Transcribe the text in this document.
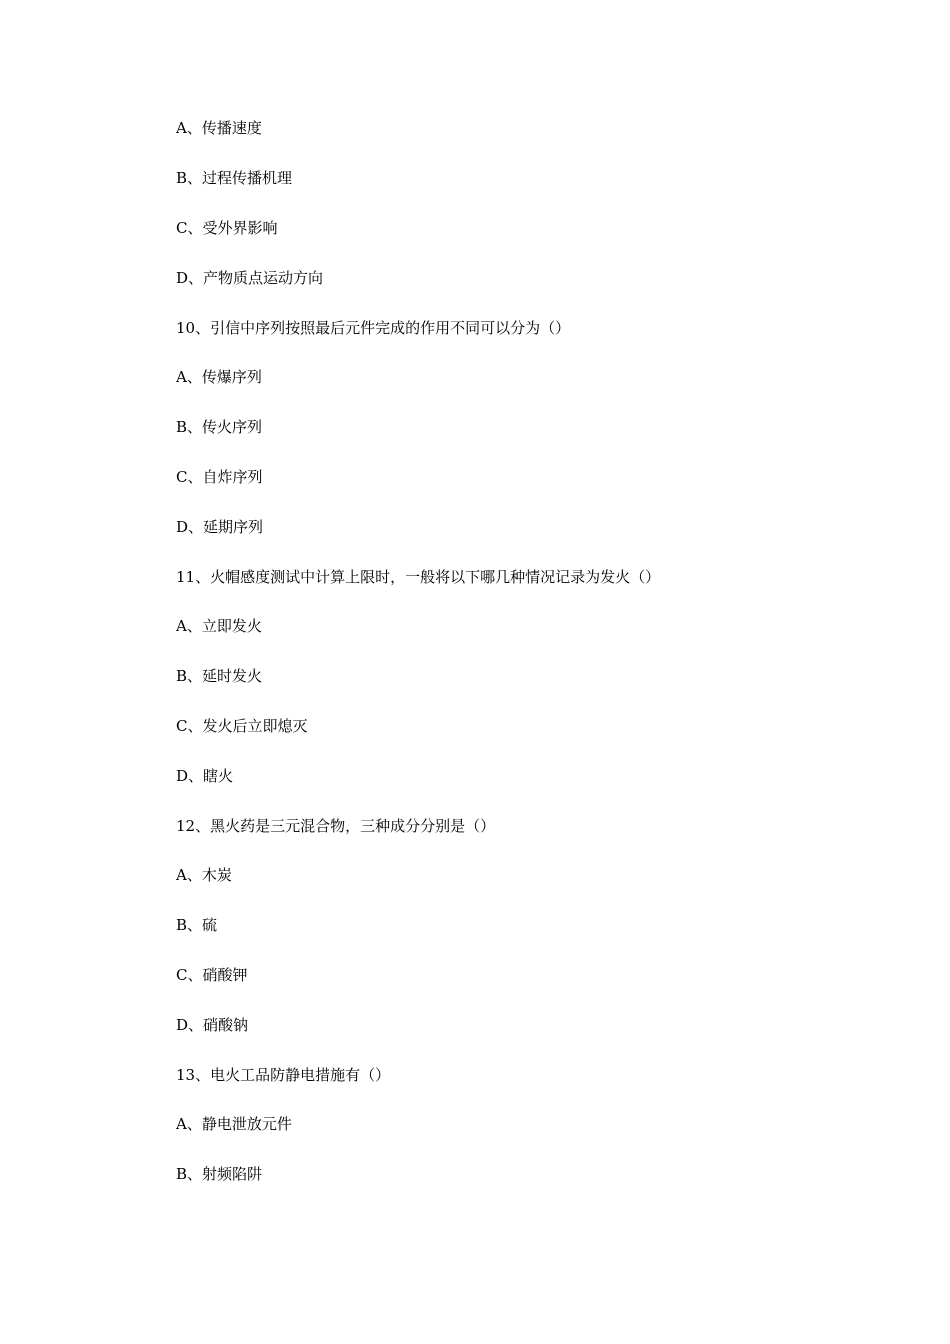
A、传播速度
B、过程传播机理
C、受外界影响
D、产物质点运动方向
10、引信中序列按照最后元件完成的作用不同可以分为（）
A、传爆序列
B、传火序列
C、自炸序列
D、延期序列
11、火帽感度测试中计算上限时，一般将以下哪几种情况记录为发火（）
A、立即发火
B、延时发火
C、发火后立即熄灭
D、瞎火
12、黑火药是三元混合物，三种成分分别是（）
A、木炭
B、硫
C、硝酸钾
D、硝酸钠
13、电火工品防静电措施有（）
A、静电泄放元件
B、射频陷阱
